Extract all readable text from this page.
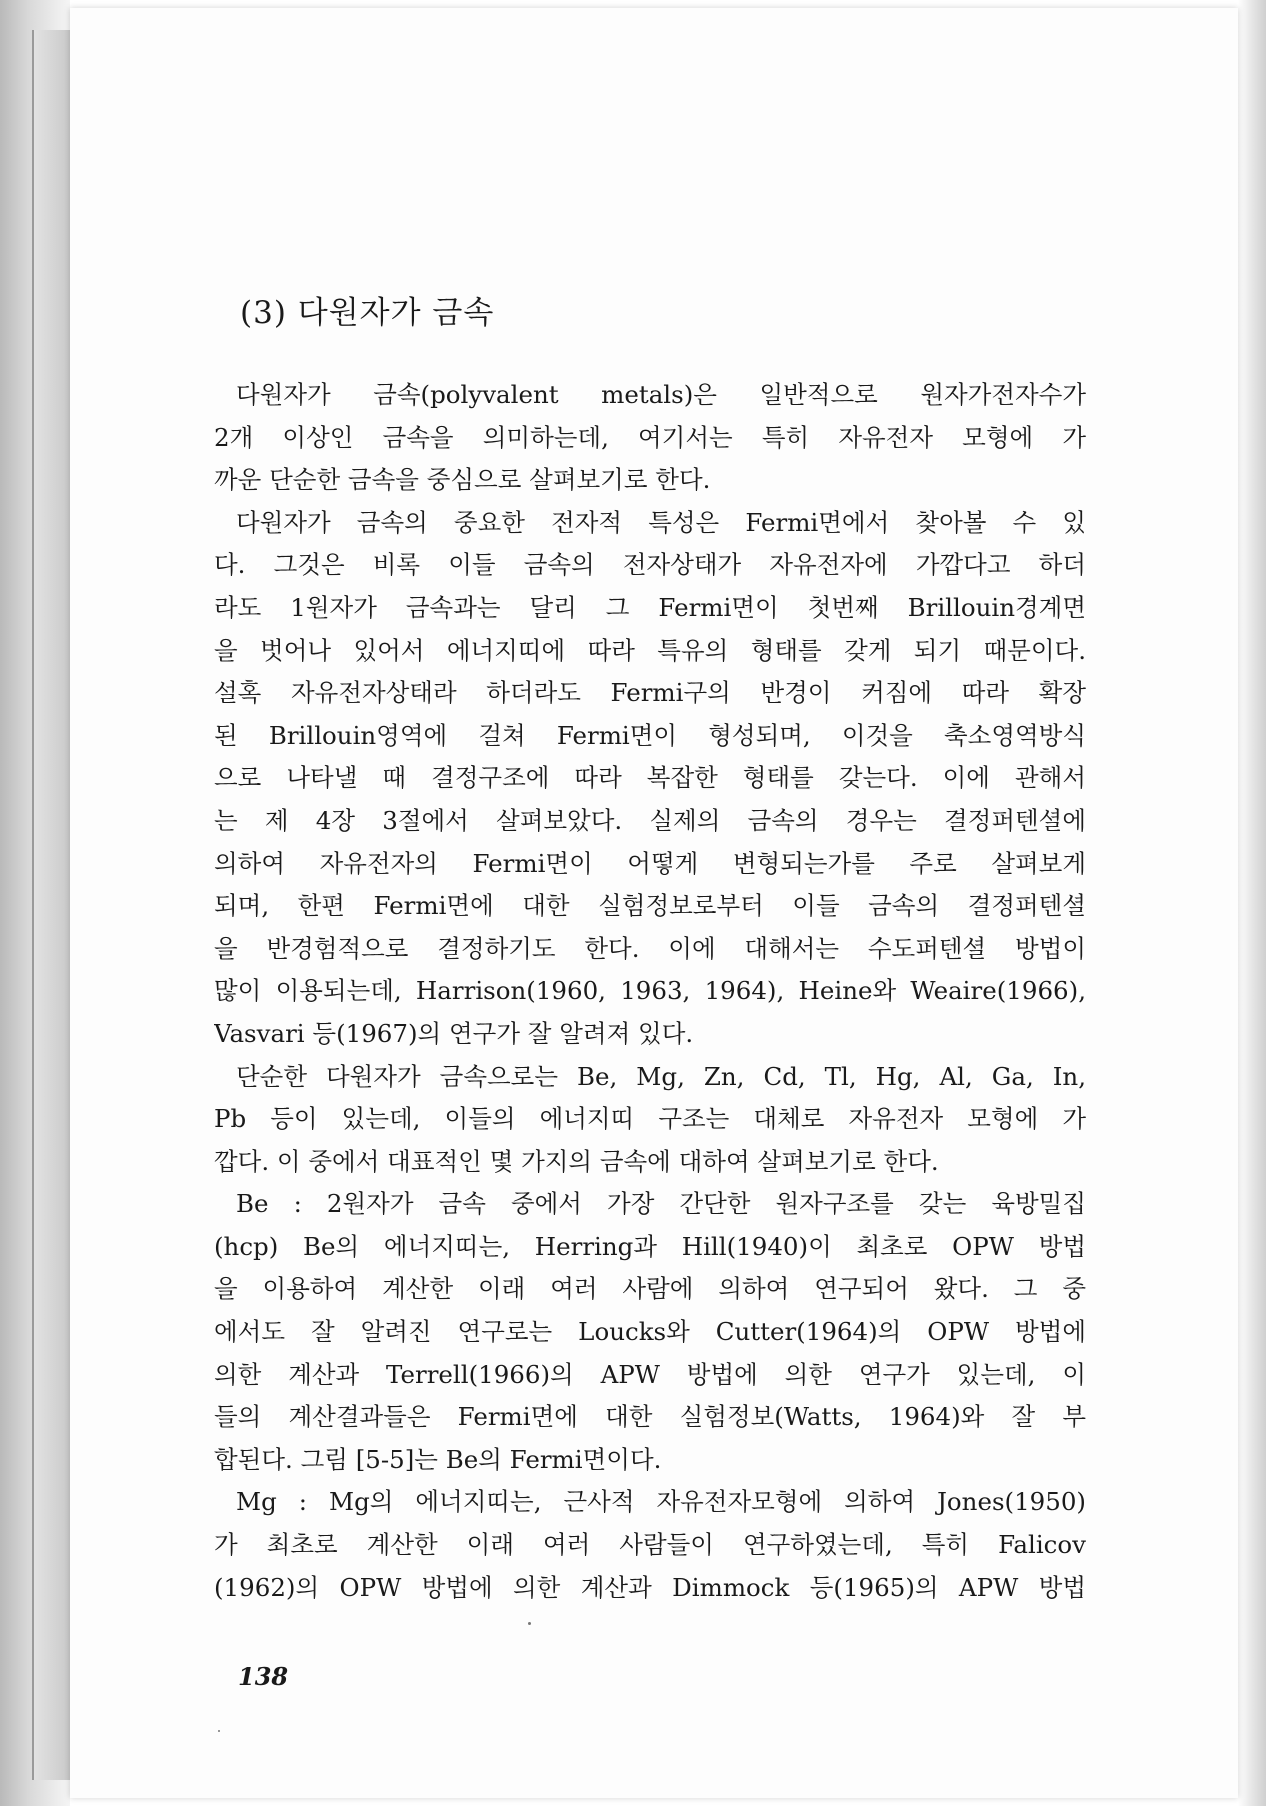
(3) 다원자가 금속
다원자가 금속(polyvalent metals)은 일반적으로 원자가전자수가
2개 이상인 금속을 의미하는데, 여기서는 특히 자유전자 모형에 가
까운 단순한 금속을 중심으로 살펴보기로 한다.
다원자가 금속의 중요한 전자적 특성은 Fermi면에서 찾아볼 수 있
다. 그것은 비록 이들 금속의 전자상태가 자유전자에 가깝다고 하더
라도 1원자가 금속과는 달리 그 Fermi면이 첫번째 Brillouin경계면
을 벗어나 있어서 에너지띠에 따라 특유의 형태를 갖게 되기 때문이다.
설혹 자유전자상태라 하더라도 Fermi구의 반경이 커짐에 따라 확장
된 Brillouin영역에 걸쳐 Fermi면이 형성되며, 이것을 축소영역방식
으로 나타낼 때 결정구조에 따라 복잡한 형태를 갖는다. 이에 관해서
는 제 4장 3절에서 살펴보았다. 실제의 금속의 경우는 결정퍼텐셜에
의하여 자유전자의 Fermi면이 어떻게 변형되는가를 주로 살펴보게
되며, 한편 Fermi면에 대한 실험정보로부터 이들 금속의 결정퍼텐셜
을 반경험적으로 결정하기도 한다. 이에 대해서는 수도퍼텐셜 방법이
많이 이용되는데, Harrison(1960, 1963, 1964), Heine와 Weaire(1966),
Vasvari 등(1967)의 연구가 잘 알려져 있다.
단순한 다원자가 금속으로는 Be, Mg, Zn, Cd, Tl, Hg, Al, Ga, In,
Pb 등이 있는데, 이들의 에너지띠 구조는 대체로 자유전자 모형에 가
깝다. 이 중에서 대표적인 몇 가지의 금속에 대하여 살펴보기로 한다.
Be : 2원자가 금속 중에서 가장 간단한 원자구조를 갖는 육방밀집
(hcp) Be의 에너지띠는, Herring과 Hill(1940)이 최초로 OPW 방법
을 이용하여 계산한 이래 여러 사람에 의하여 연구되어 왔다. 그 중
에서도 잘 알려진 연구로는 Loucks와 Cutter(1964)의 OPW 방법에
의한 계산과 Terrell(1966)의 APW 방법에 의한 연구가 있는데, 이
들의 계산결과들은 Fermi면에 대한 실험정보(Watts, 1964)와 잘 부
합된다. 그림 [5-5]는 Be의 Fermi면이다.
Mg : Mg의 에너지띠는, 근사적 자유전자모형에 의하여 Jones(1950)
가 최초로 계산한 이래 여러 사람들이 연구하였는데, 특히 Falicov
(1962)의 OPW 방법에 의한 계산과 Dimmock 등(1965)의 APW 방법
138
